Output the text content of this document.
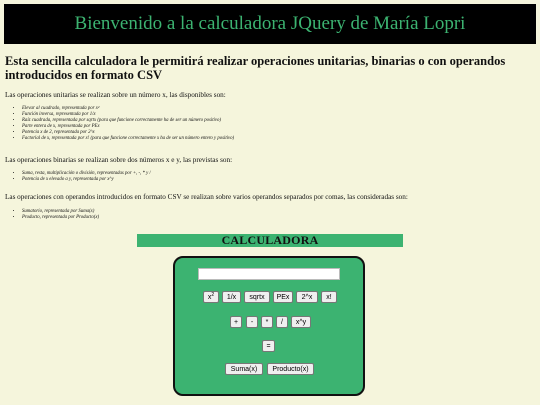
Bienvenido a la calculadora JQuery de María Lopri

Esta sencilla calculadora le permitirá realizar operaciones unitarias, binarias o con operandos introducidos en formato CSV

Las operaciones unitarias se realizan sobre un número x, las disponibles son:

• Elevar al cuadrado, representada por x²
• Función inversa, representada por 1/x
• Raíz cuadrada, representada por sqrtx (para que funcione correctamente ha de ser un número positivo)
• Parte entera de x, representada por PEx
• Potencia x de 2, representada por 2^x
• Factorial de x, representada por x! (para que funcione correctamente x ha de ser un número entero y positivo)

Las operaciones binarias se realizan sobre dos números x e y, las previstas son:

• Suma, resta, multiplicación o división, representadas por +, -, * y /
• Potencia de x elevado a y, representada por x^y

Las operaciones con operandos introducidos en formato CSV se realizan sobre varios operandos separados por comas, las consideradas son:

• Sumatorio, representada por Suma(x)
• Producto, representada por Producto(x)
CALCULADORA
$x^2$	1/x	sqrtx	PEx	2^x	x!
+	-	*	/	x^y
=
Suma(x)	Producto(x)
